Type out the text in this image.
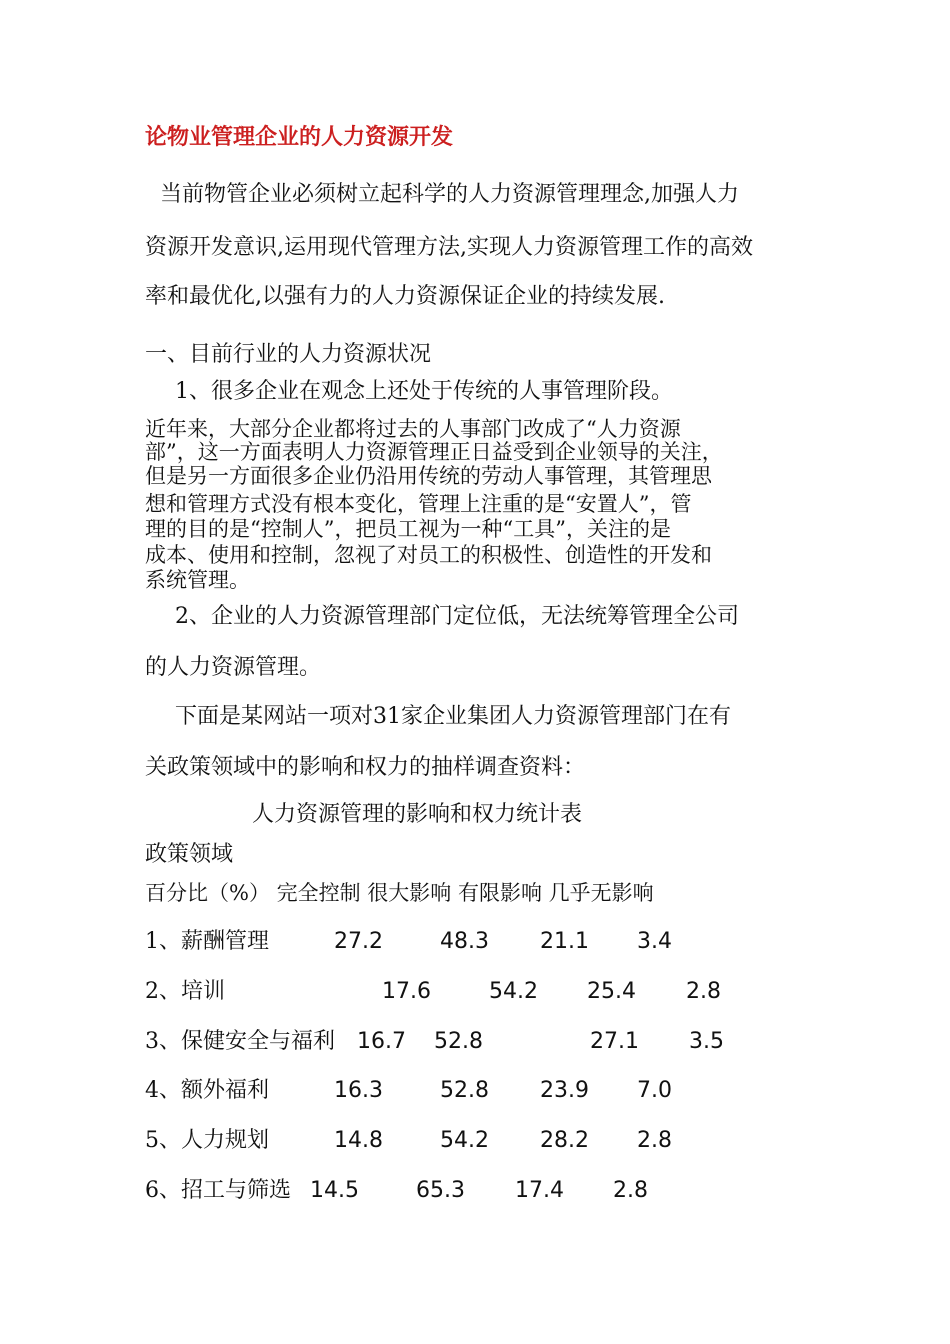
论物业管理企业的人力资源开发
当前物管企业必须树立起科学的人力资源管理理念,加强人力
资源开发意识,运用现代管理方法,实现人力资源管理工作的高效
率和最优化,以强有力的人力资源保证企业的持续发展.
一、目前行业的人力资源状况
1、很多企业在观念上还处于传统的人事管理阶段。
近年来，大部分企业都将过去的人事部门改成了“人力资源
部”，这一方面表明人力资源管理正日益受到企业领导的关注，
但是另一方面很多企业仍沿用传统的劳动人事管理，其管理思
想和管理方式没有根本变化，管理上注重的是“安置人”，管
理的目的是“控制人”，把员工视为一种“工具”，关注的是
成本、使用和控制，忽视了对员工的积极性、创造性的开发和
系统管理。
2、企业的人力资源管理部门定位低，无法统筹管理全公司
的人力资源管理。
下面是某网站一项对31家企业集团人力资源管理部门在有
关政策领域中的影响和权力的抽样调查资料：
人力资源管理的影响和权力统计表
政策领域
百分比（%） 完全控制 很大影响 有限影响 几乎无影响
1、薪酬管理	27.2	48.3 21.1 3.4
2、培训	17.6	54.2 25.4 2.8
3、保健安全与福利 16.7 52.8	27.1 3.5
4、额外福利	16.3	52.8 23.9 7.0
5、人力规划	14.8	54.2 28.2 2.8
6、招工与筛选 14.5	65.3 17.4 2.8
